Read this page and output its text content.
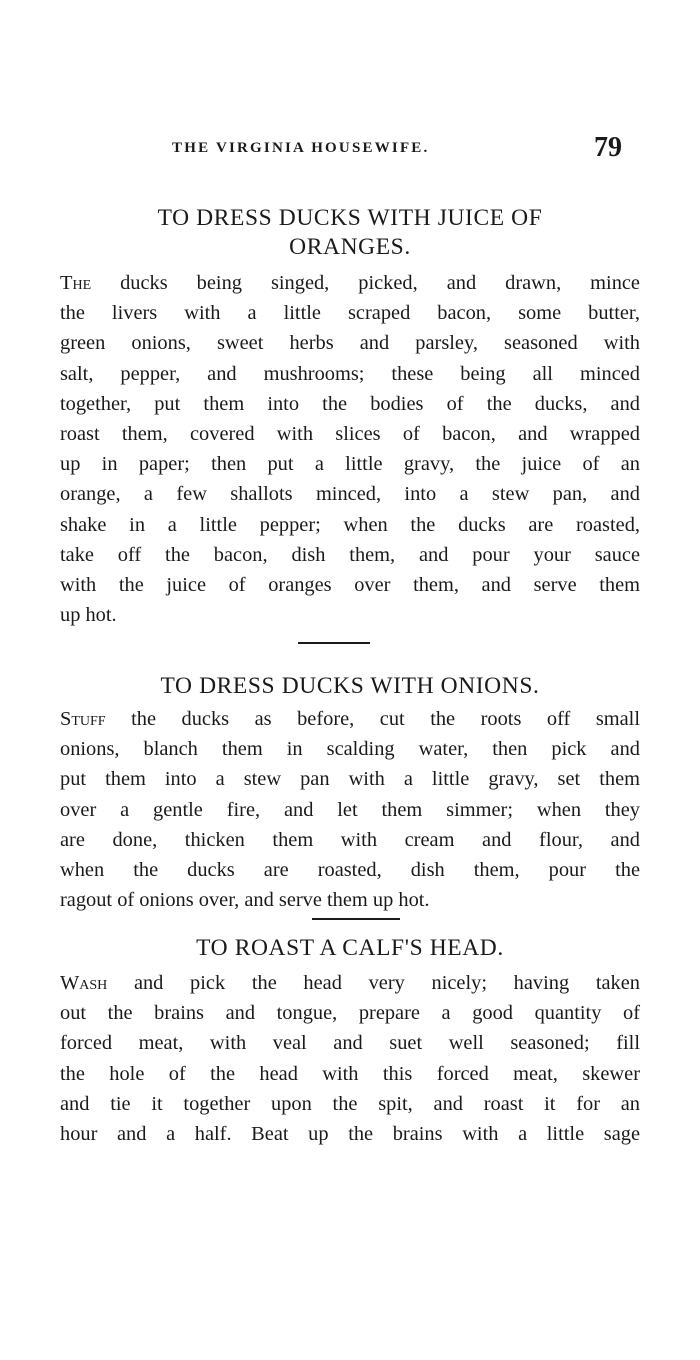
THE VIRGINIA HOUSEWIFE.	79
TO DRESS DUCKS WITH JUICE OF
ORANGES.

The ducks being singed, picked, and drawn, mince
the livers with a little scraped bacon, some butter,
green onions, sweet herbs and parsley, seasoned with
salt, pepper, and mushrooms; these being all minced
together, put them into the bodies of the ducks, and
roast them, covered with slices of bacon, and wrapped
up in paper; then put a little gravy, the juice of an
orange, a few shallots minced, into a stew pan, and
shake in a little pepper; when the ducks are roasted,
take off the bacon, dish them, and pour your sauce
with the juice of oranges over them, and serve them
up hot.

TO DRESS DUCKS WITH ONIONS.

Stuff the ducks as before, cut the roots off small
onions, blanch them in scalding water, then pick and
put them into a stew pan with a little gravy, set them
over a gentle fire, and let them simmer; when they
are done, thicken them with cream and flour, and
when the ducks are roasted, dish them, pour the
ragout of onions over, and serve them up hot.

TO ROAST A CALF'S HEAD.

Wash and pick the head very nicely; having taken
out the brains and tongue, prepare a good quantity of
forced meat, with veal and suet well seasoned; fill
the hole of the head with this forced meat, skewer
and tie it together upon the spit, and roast it for an
hour and a half. Beat up the brains with a little sage
